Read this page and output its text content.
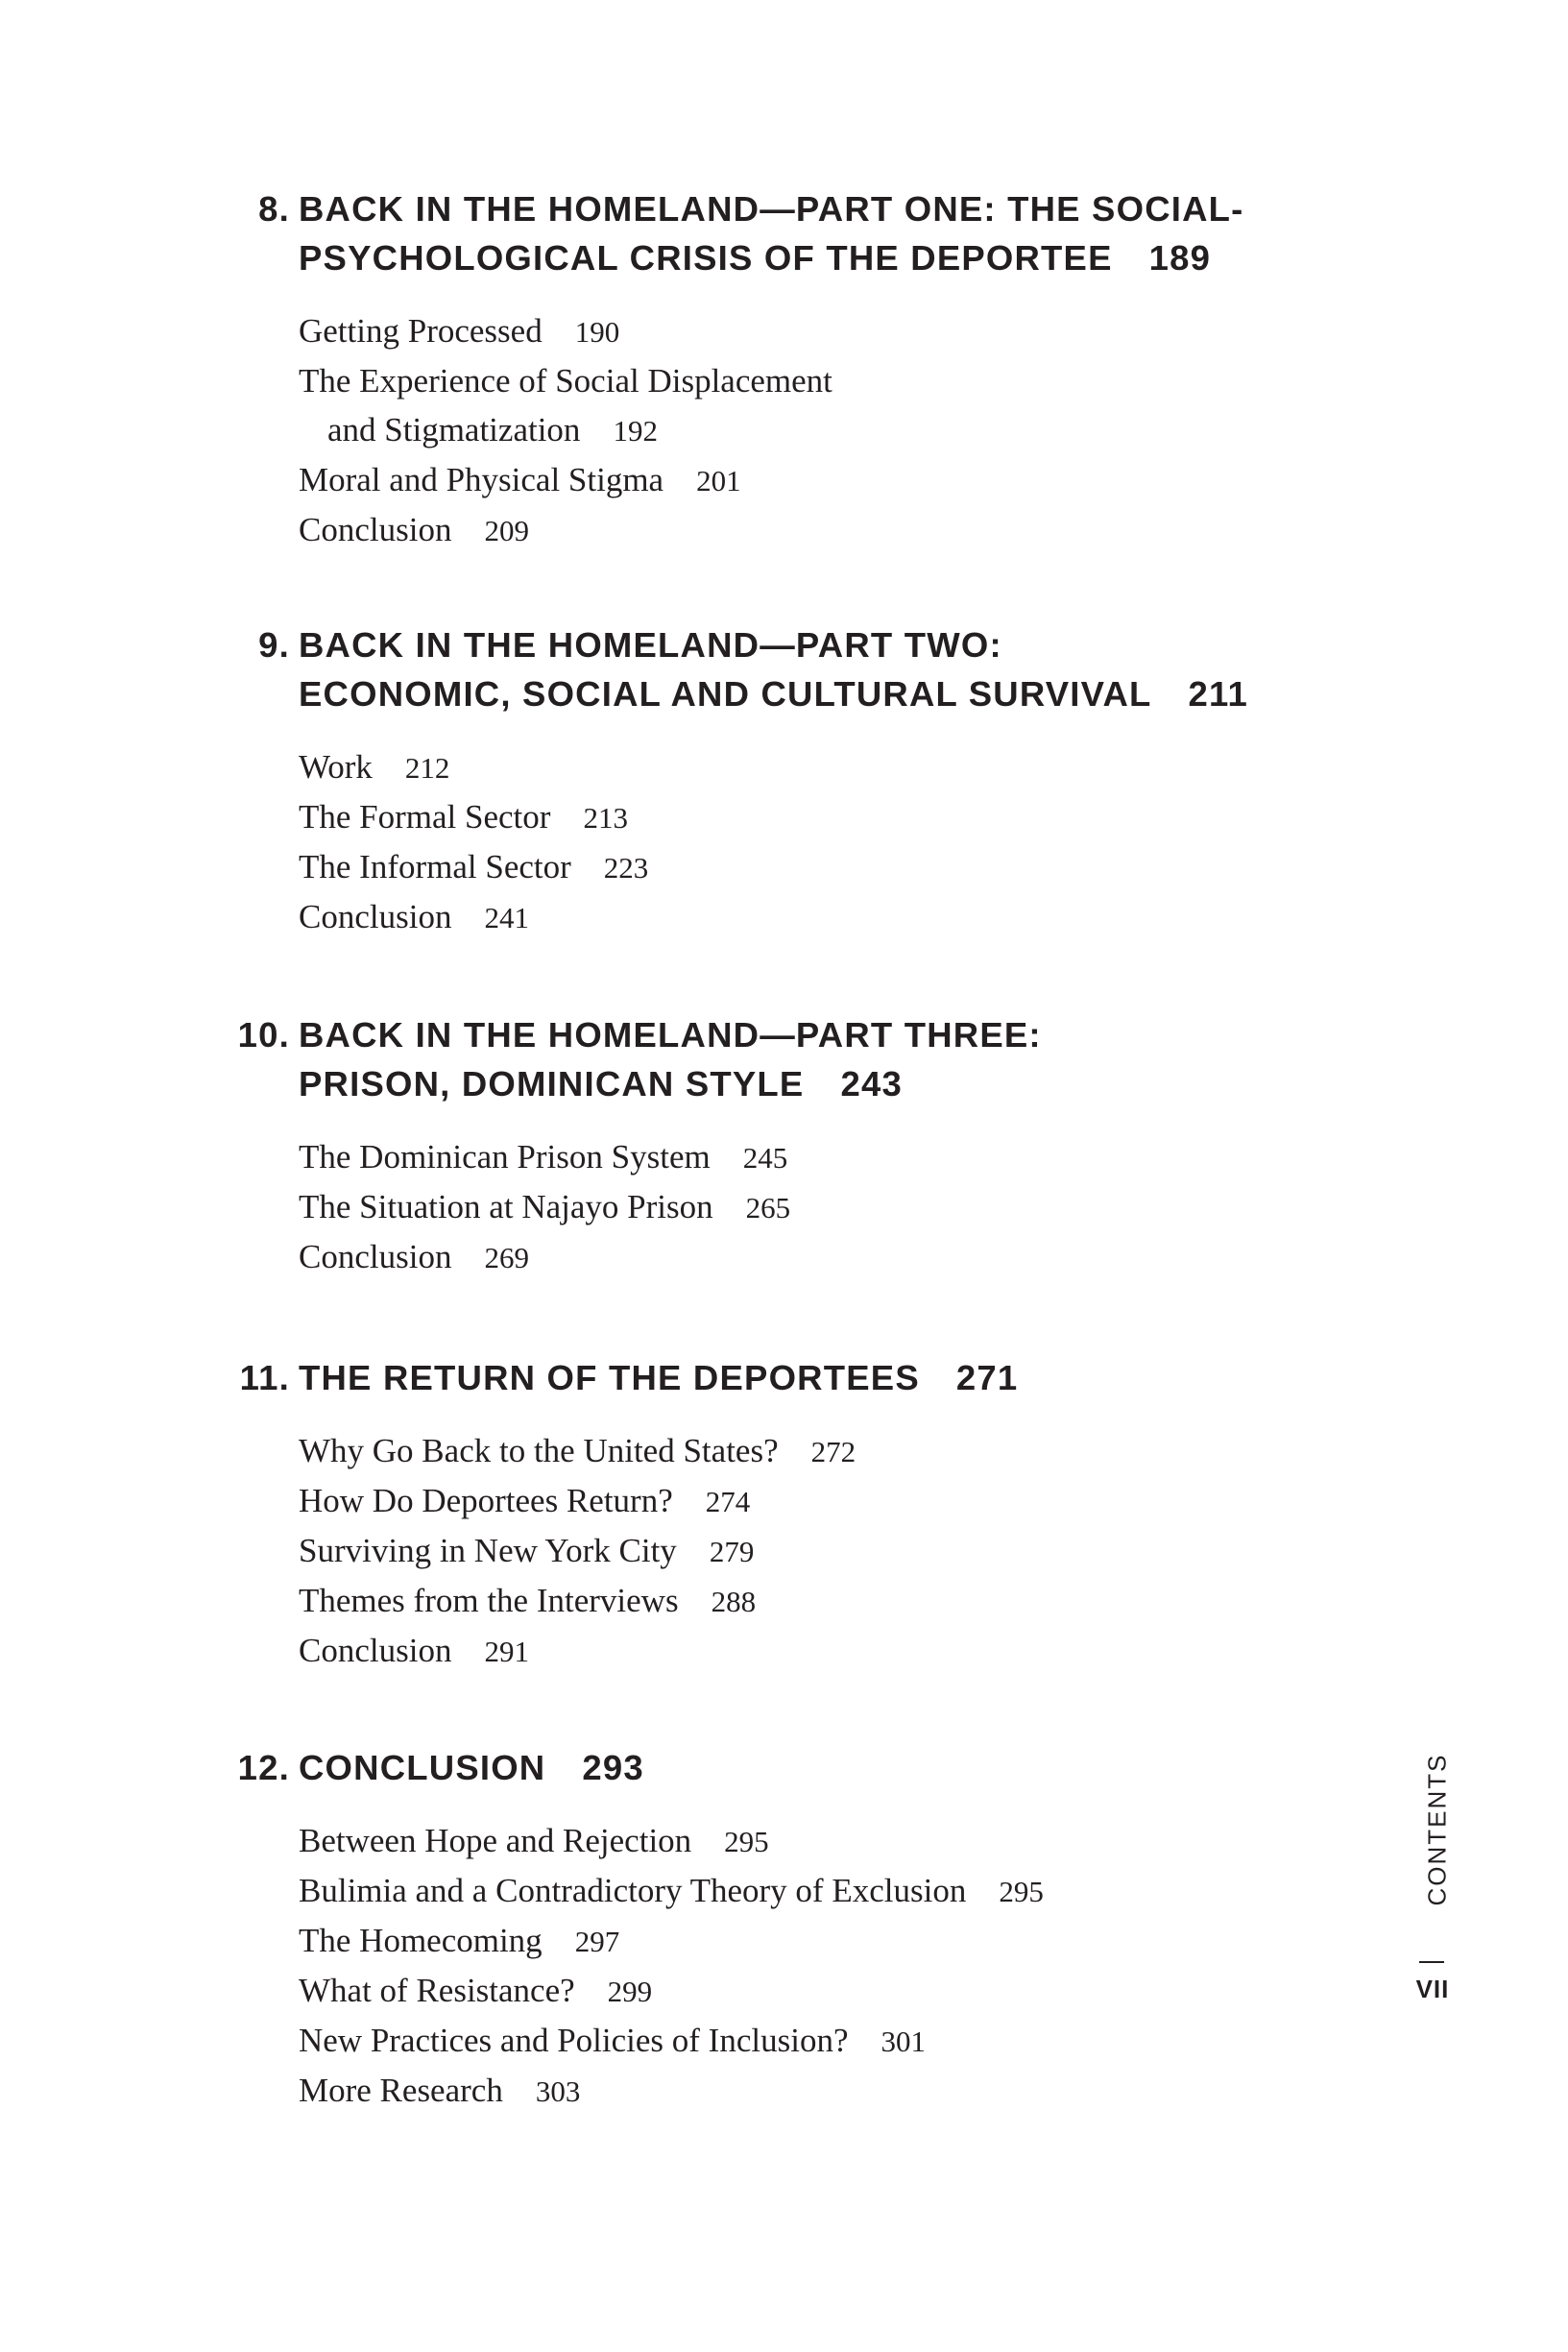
8. BACK IN THE HOMELAND—PART ONE: THE SOCIAL-
PSYCHOLOGICAL CRISIS OF THE DEPORTEE 189
Getting Processed 190
The Experience of Social Displacement
and Stigmatization 192
Moral and Physical Stigma 201
Conclusion 209
9. BACK IN THE HOMELAND—PART TWO:
ECONOMIC, SOCIAL AND CULTURAL SURVIVAL 211
Work 212
The Formal Sector 213
The Informal Sector 223
Conclusion 241
10. BACK IN THE HOMELAND—PART THREE:
PRISON, DOMINICAN STYLE 243
The Dominican Prison System 245
The Situation at Najayo Prison 265
Conclusion 269
11. THE RETURN OF THE DEPORTEES 271
Why Go Back to the United States? 272
How Do Deportees Return? 274
Surviving in New York City 279
Themes from the Interviews 288
Conclusion 291
12. CONCLUSION 293
Between Hope and Rejection 295
Bulimia and a Contradictory Theory of Exclusion 295
The Homecoming 297
What of Resistance? 299
New Practices and Policies of Inclusion? 301
More Research 303
CONTENTS
VII
